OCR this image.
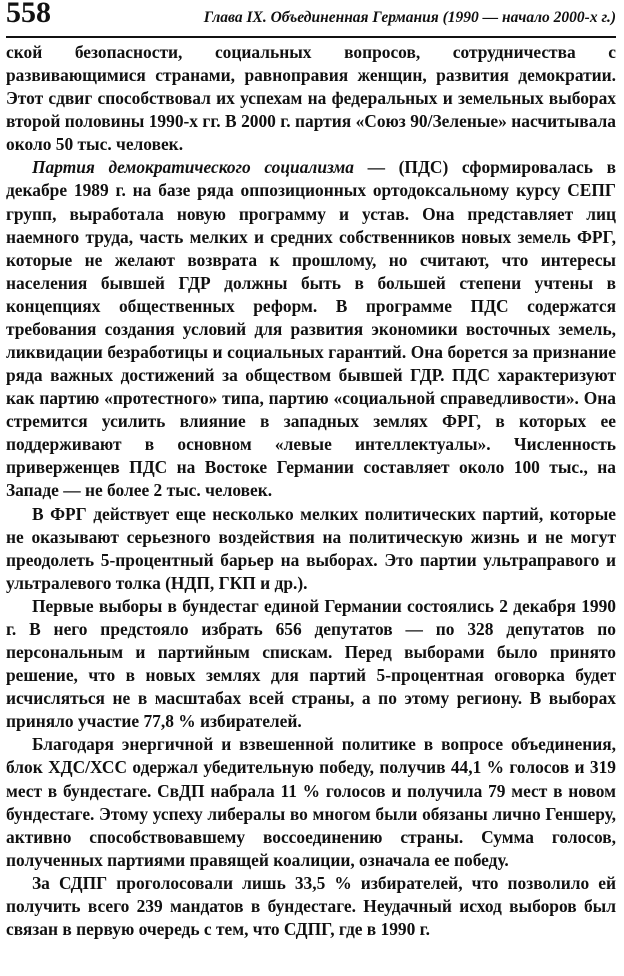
558	Глава IX. Объединенная Германия (1990 — начало 2000-х г.)

ской безопасности, социальных вопросов, сотрудничества с развивающимися странами, равноправия женщин, развития демократии. Этот сдвиг способствовал их успехам на федеральных и земельных выборах второй половины 1990-х гг. В 2000 г. партия «Союз 90/Зеленые» насчитывала около 50 тыс. человек.

Партия демократического социализма — (ПДС) сформировалась в декабре 1989 г. на базе ряда оппозиционных ортодоксальному курсу СЕПГ групп, выработала новую программу и устав. Она представляет лиц наемного труда, часть мелких и средних собственников новых земель ФРГ, которые не желают возврата к прошлому, но считают, что интересы населения бывшей ГДР должны быть в большей степени учтены в концепциях общественных реформ. В программе ПДС содержатся требования создания условий для развития экономики восточных земель, ликвидации безработицы и социальных гарантий. Она борется за признание ряда важных достижений за обществом бывшей ГДР. ПДС характеризуют как партию «протестного» типа, партию «социальной справедливости». Она стремится усилить влияние в западных землях ФРГ, в которых ее поддерживают в основном «левые интеллектуалы». Численность приверженцев ПДС на Востоке Германии составляет около 100 тыс., на Западе — не более 2 тыс. человек.

В ФРГ действует еще несколько мелких политических партий, которые не оказывают серьезного воздействия на политическую жизнь и не могут преодолеть 5-процентный барьер на выборах. Это партии ультраправого и ультралевого толка (НДП, ГКП и др.).

Первые выборы в бундестаг единой Германии состоялись 2 декабря 1990 г. В него предстояло избрать 656 депутатов — по 328 депутатов по персональным и партийным спискам. Перед выборами было принято решение, что в новых землях для партий 5-процентная оговорка будет исчисляться не в масштабах всей страны, а по этому региону. В выборах приняло участие 77,8 % избирателей.

Благодаря энергичной и взвешенной политике в вопросе объединения, блок ХДС/ХСС одержал убедительную победу, получив 44,1 % голосов и 319 мест в бундестаге. СвДП набрала 11 % голосов и получила 79 мест в новом бундестаге. Этому успеху либералы во многом были обязаны лично Геншеру, активно способствовавшему воссоединению страны. Сумма голосов, полученных партиями правящей коалиции, означала ее победу.

За СДПГ проголосовали лишь 33,5 % избирателей, что позволило ей получить всего 239 мандатов в бундестаге. Неудачный исход выборов был связан в первую очередь с тем, что СДПГ, где в 1990 г.
